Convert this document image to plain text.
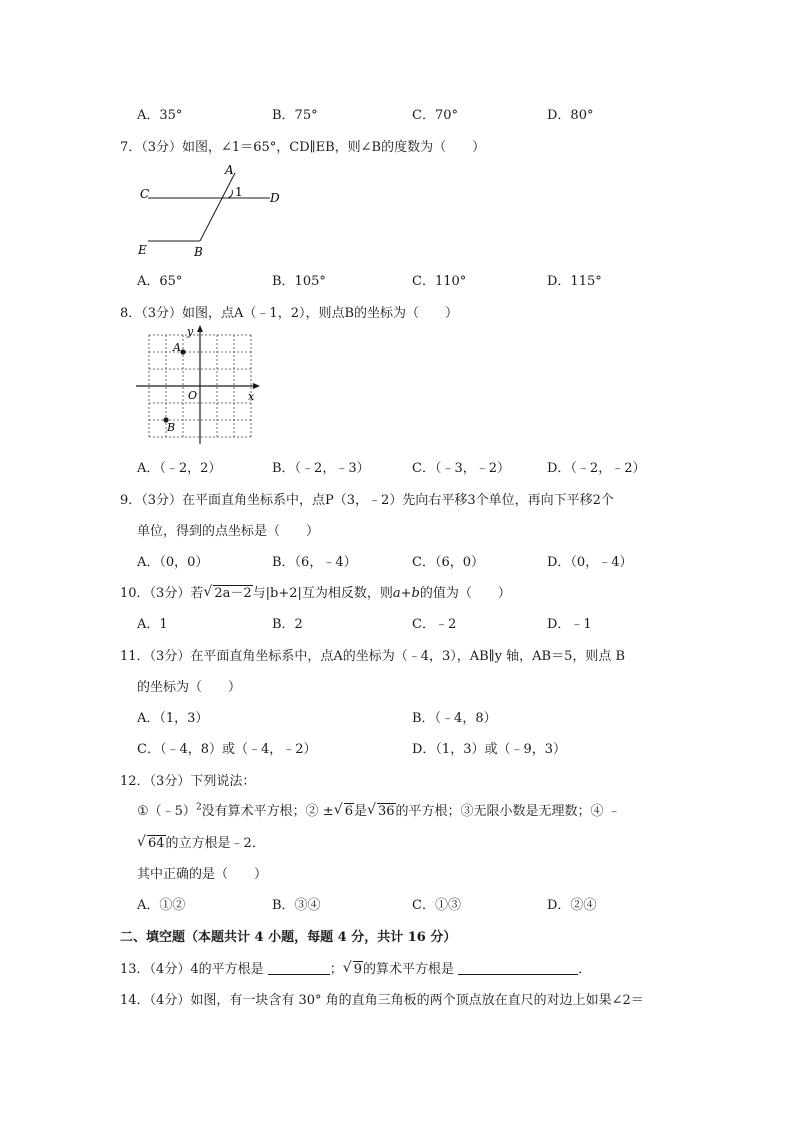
A．35°	B．75°	C．70°	D．80°
7．（3分）如图，∠1＝65°，CD∥EB，则∠B的度数为（　　）
A
1
C	D
E	B
A．65°	B．105°	C．110°	D．115°
8．（3分）如图，点A（﹣1，2），则点B的坐标为（　　）
y
x
O
A
B
A．（﹣2，2）	B．（﹣2，﹣3）	C．（﹣3，﹣2）	D．（﹣2，﹣2）
9．（3分）在平面直角坐标系中，点P（3，﹣2）先向右平移3个单位，再向下平移2个
单位，得到的点坐标是（　　）
A．（0，0）	B．（6，﹣4）	C．（6，0）	D．（0，﹣4）
10．（3分）若 √ 2a－2与|b+2|互为相反数，则a+b的值为（　　）
A．1	B．2	C．﹣2	D．﹣1
11．（3分）在平面直角坐标系中，点A的坐标为（﹣4，3），AB∥y 轴，AB＝5，则点 B
的坐标为（　　）
A．（1，3）	B．（﹣4，8）
C．（﹣4，8）或（﹣4，﹣2）	D．（1，3）或（﹣9，3）
12．（3分）下列说法：
①（﹣5）$^2$没有算术平方根；② ± √ 6是 √ 36的平方根；③无限小数是无理数；④ ﹣
√ 64的立方根是﹣2．
其中正确的是（　　）
A．①②	B．③④	C．①③	D．②④
二、填空题（本题共计 4 小题，每题 4 分，共计 16 分）
13．（4分）4的平方根是	； √ 9的算术平方根是	．
14．（4分）如图，有一块含有 30° 角的直角三角板的两个顶点放在直尺的对边上如果∠2＝
